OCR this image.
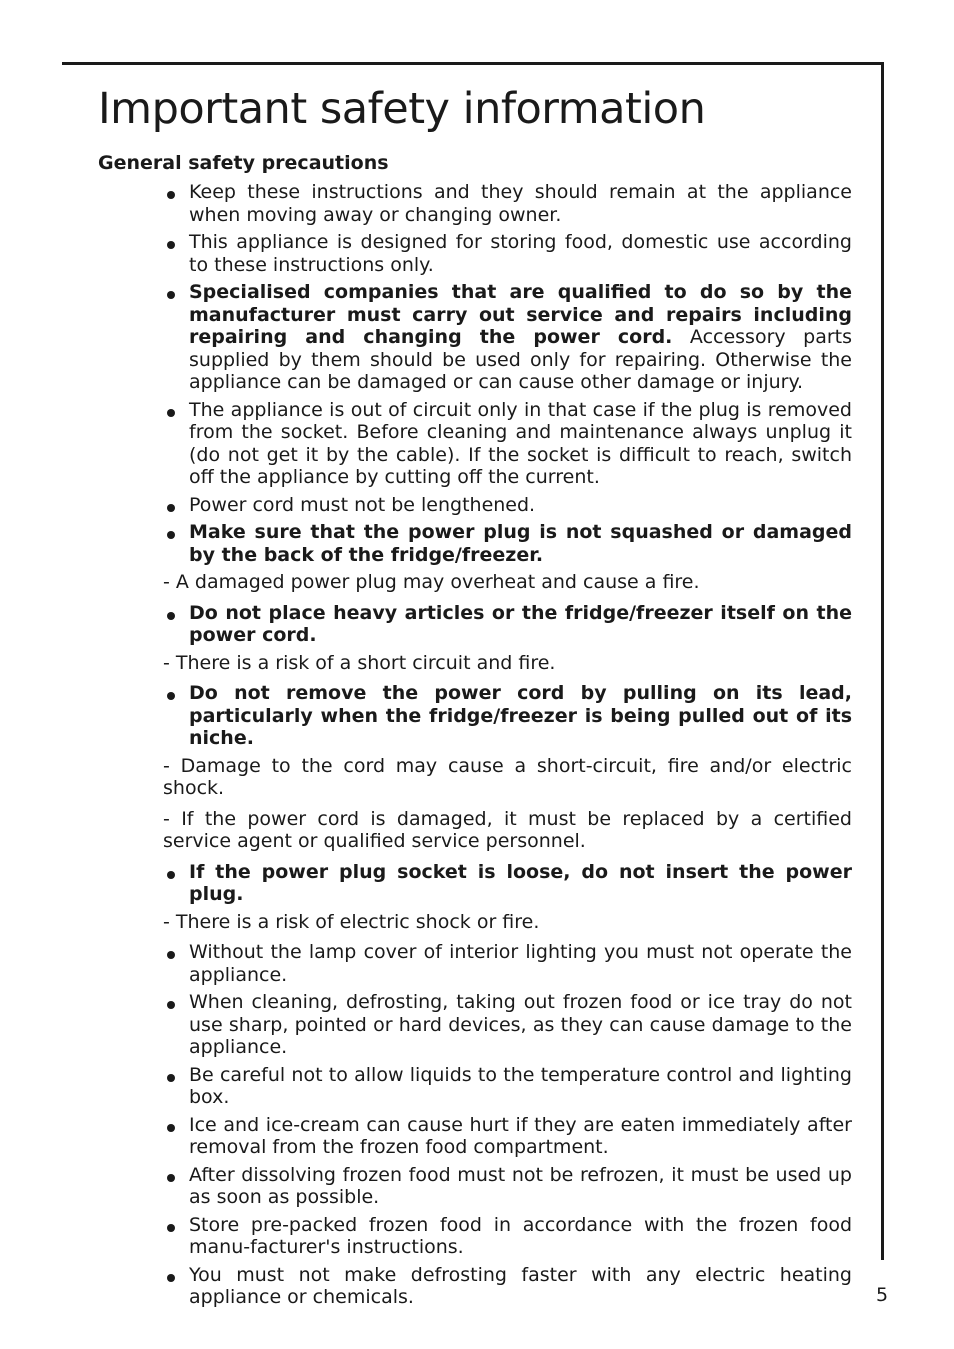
Important safety information
General safety precautions
Keep these instructions and they should remain at the appliance when moving away or changing owner.
This appliance is designed for storing food, domestic use according to these instructions only.
Specialised companies that are qualified to do so by the manufacturer must carry out service and repairs including repairing and changing the power cord. Accessory parts supplied by them should be used only for repairing. Otherwise the appliance can be damaged or can cause other damage or injury.
The appliance is out of circuit only in that case if the plug is removed from the socket. Before cleaning and maintenance always unplug it (do not get it by the cable). If the socket is difficult to reach, switch off the appliance by cutting off the current.
Power cord must not be lengthened.
Make sure that the power plug is not squashed or damaged by the back of the fridge/freezer.

- A damaged power plug may overheat and cause a fire.

Do not place heavy articles or the fridge/freezer itself on the power cord.

- There is a risk of a short circuit and fire.

Do not remove the power cord by pulling on its lead, particularly when the fridge/freezer is being pulled out of its niche.

- Damage to the cord may cause a short-circuit, fire and/or electric shock.

- If the power cord is damaged, it must be replaced by a certified service agent or qualified service personnel.

If the power plug socket is loose, do not insert the power plug.

- There is a risk of electric shock or fire.

Without the lamp cover of interior lighting you must not operate the appliance.
When cleaning, defrosting, taking out frozen food or ice tray do not use sharp, pointed or hard devices, as they can cause damage to the appliance.
Be careful not to allow liquids to the temperature control and lighting box.
Ice and ice-cream can cause hurt if they are eaten immediately after removal from the frozen food compartment.
After dissolving frozen food must not be refrozen, it must be used up as soon as possible.
Store pre-packed frozen food in accordance with the frozen food manu-facturer's instructions.
You must not make defrosting faster with any electric heating appliance or chemicals.	5
